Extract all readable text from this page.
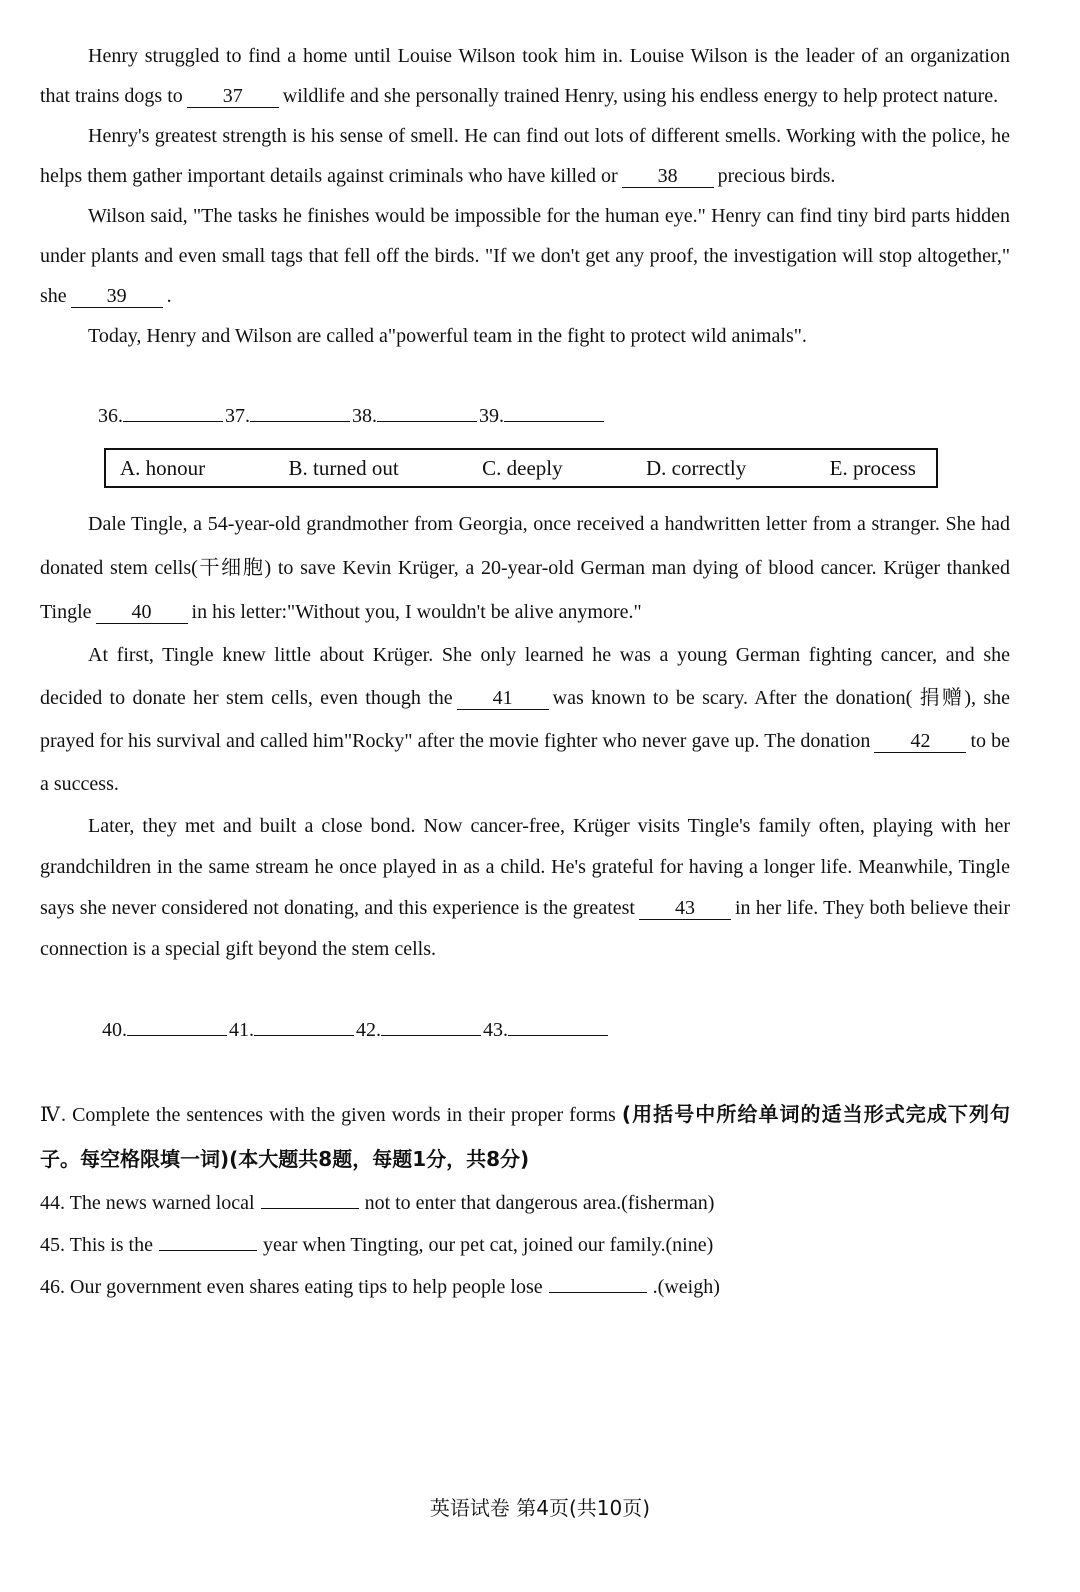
Henry struggled to find a home until Louise Wilson took him in. Louise Wilson is the leader of an organization that trains dogs to 37 wildlife and she personally trained Henry, using his endless energy to help protect nature.

Henry's greatest strength is his sense of smell. He can find out lots of different smells. Working with the police, he helps them gather important details against criminals who have killed or 38 precious birds.

Wilson said, "The tasks he finishes would be impossible for the human eye." Henry can find tiny bird parts hidden under plants and even small tags that fell off the birds. "If we don't get any proof, the investigation will stop altogether," she 39 .

Today, Henry and Wilson are called a"powerful team in the fight to protect wild animals".

36.	37.	38.	39.
A. honour	B. turned out	C. deeply	D. correctly	E. process

Dale Tingle, a 54-year-old grandmother from Georgia, once received a handwritten letter from a stranger. She had donated stem cells(干细胞) to save Kevin Krüger, a 20-year-old German man dying of blood cancer. Krüger thanked Tingle 40 in his letter:"Without you, I wouldn't be alive anymore."

At first, Tingle knew little about Krüger. She only learned he was a young German fighting cancer, and she decided to donate her stem cells, even though the 41 was known to be scary. After the donation( 捐赠), she prayed for his survival and called him"Rocky" after the movie fighter who never gave up. The donation 42 to be a success.

Later, they met and built a close bond. Now cancer-free, Krüger visits Tingle's family often, playing with her grandchildren in the same stream he once played in as a child. He's grateful for having a longer life. Meanwhile, Tingle says she never considered not donating, and this experience is the greatest 43 in her life. They both believe their connection is a special gift beyond the stem cells.

40.	41.	42.	43.

Ⅳ. Complete the sentences with the given words in their proper forms (用括号中所给单词的适当形式完成下列句子。每空格限填一词)(本大题共8题，每题1分，共8分)

44. The news warned local	not to enter that dangerous area.(fisherman)

45. This is the	year when Tingting, our pet cat, joined our family.(nine)

46. Our government even shares eating tips to help people lose	.(weigh)

英语试卷 第4页(共10页)
